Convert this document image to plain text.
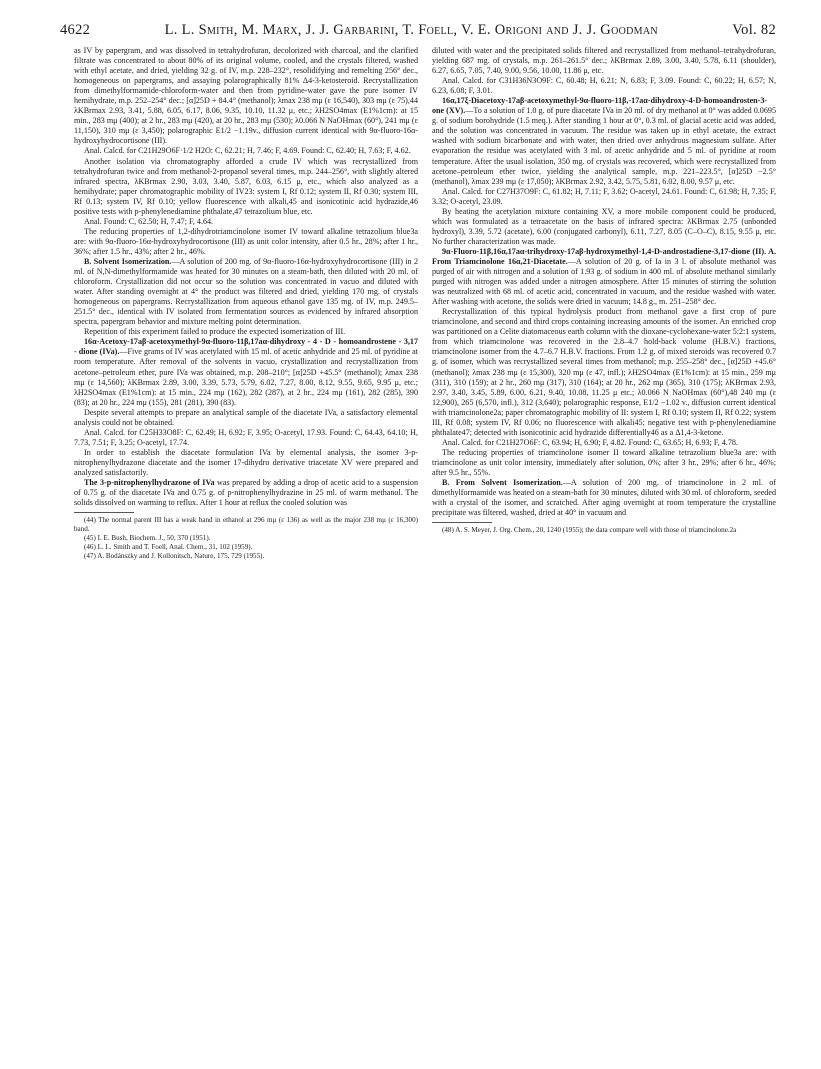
4622	L. L. Smith, M. Marx, J. J. Garbarini, T. Foell, V. E. Origoni and J. J. Goodman	Vol. 82

as IV by papergram, and was dissolved in tetrahydrofuran, decolorized with charcoal, and the clarified filtrate was concentrated to about 80% of its original volume, cooled, and the crystals filtered, washed with ethyl acetate, and dried, yielding 32 g. of IV, m.p. 228–232°, resolidifying and remelting 256° dec., homogeneous on papergrams, and assaying polarographically 81% Δ4-3-ketosteroid. Recrystallization from dimethylformamide-chloroform-water and then from pyridine-water gave the pure isomer IV hemihydrate, m.p. 252–254° dec.; [α]25D + 84.4° (methanol); λmax 238 mμ (ε 16,540), 303 mμ (ε 75),44 λKBrmax 2.93, 3.41, 5.88, 6.05, 6.17, 8.06, 9.35, 10.10, 11.32 μ, etc.; λH2SO4max (E1%1cm): at 15 min., 283 mμ (400); at 2 hr., 283 mμ (420), at 20 hr., 283 mμ (530); λ0.066 N NaOHmax (60°), 241 mμ (ε 11,150), 310 mμ (ε 3,450); polarographic E1/2 −1.19v., diffusion current identical with 9α-fluoro-16α-hydroxyhydrocortisone (III).

Anal. Calcd. for C21H29O6F·1/2 H2O: C, 62.21; H, 7.46; F, 4.69. Found: C, 62.40; H, 7.63; F, 4.62.

Another isolation via chromatography afforded a crude IV which was recrystallized from tetrahydrofuran twice and from methanol-2-propanol several times, m.p. 244–256°, with slightly altered infrared spectra, λKBrmax 2.90, 3.03, 3.40, 5.87, 6.03, 6.15 μ, etc., which also analyzed as a hemihydrate; paper chromatographic mobility of IV23: system I, Rf 0.12; system II, Rf 0.30; system III, Rf 0.13; system IV, Rf 0.10; yellow fluorescence with alkali,45 and isonicotinic acid hydrazide,46 positive tests with p-phenylenediamine phthalate,47 tetrazolium blue, etc.

Anal. Found: C, 62.50; H, 7.47; F, 4.64.

The reducing properties of 1,2-dihydrotriamcinolone isomer IV toward alkaline tetrazolium blue3a are: with 9α-fluoro-16α-hydroxyhydrocortisone (III) as unit color intensity, after 0.5 hr., 28%; after 1 hr., 36%; after 1.5 hr., 43%; after 2 hr., 46%.

B. Solvent Isomerization.—A solution of 200 mg. of 9α-fluoro-16α-hydroxyhydrocortisone (III) in 2 ml. of N,N-dimethylformamide was heated for 30 minutes on a steam-bath, then diluted with 20 ml. of chloroform. Crystallization did not occur so the solution was concentrated in vacuo and diluted with water. After standing overnight at 4° the product was filtered and dried, yielding 170 mg. of crystals homogeneous on papergrams. Recrystallization from aqueous ethanol gave 135 mg. of IV, m.p. 249.5–251.5° dec., identical with IV isolated from fermentation sources as evidenced by infrared absorption spectra, papergram behavior and mixture melting point determination.

Repetition of this experiment failed to produce the expected isomerization of III.

16α-Acetoxy-17aβ-acetoxymethyl-9α-fluoro-11β,17aα-dihydroxy - 4 - D - homoandrostene - 3,17 - dione (IVa).—Five grams of IV was acetylated with 15 ml. of acetic anhydride and 25 ml. of pyridine at room temperature. After removal of the solvents in vacuo, crystallization and recrystallization from acetone–petroleum ether, pure IVa was obtained, m.p. 208–210°; [α]25D +45.5° (methanol); λmax 238 mμ (ε 14,560); λKBrmax 2.89, 3.00, 3.39, 5.73, 5.79, 6.02, 7.27, 8.00, 8.12, 9.55, 9.65, 9.95 μ, etc.; λH2SO4max (E1%1cm): at 15 min., 224 mμ (162), 282 (287), at 2 hr., 224 mμ (161), 282 (285), 390 (83); at 20 hr., 224 mμ (155), 281 (281), 390 (83).

Despite several attempts to prepare an analytical sample of the diacetate IVa, a satisfactory elemental analysis could not be obtained.

Anal. Calcd. for C25H33O8F: C, 62.49; H, 6.92; F, 3.95; O-acetyl, 17.93. Found: C, 64.43, 64.10; H, 7.73, 7.51; F, 3.25; O-acetyl, 17.74.

In order to establish the diacetate formulation IVa by elemental analysis, the isomer 3-p-nitrophenylhydrazone diacetate and the isomer 17-dihydro derivative triacetate XV were prepared and analyzed satisfactorily.

The 3-p-nitrophenylhydrazone of IVa was prepared by adding a drop of acetic acid to a suspension of 0.75 g. of the diacetate IVa and 0.75 g. of p-nitrophenylhydrazine in 25 ml. of warm methanol. The solids dissolved on warming to reflux. After 1 hour at reflux the cooled solution was

(44) The normal parent III has a weak band in ethanol at 296 mμ (ε 136) as well as the major 238 mμ (ε 16,300) band.

(45) I. E. Bush, Biochem. J., 50, 370 (1951).

(46) L. L. Smith and T. Foell, Anal. Chem., 31, 102 (1959).

(47) A. Bodánszky and J. Kollonitsch, Nature, 175, 729 (1955).

diluted with water and the precipitated solids filtered and recrystallized from methanol–tetrahydrofuran, yielding 687 mg. of crystals, m.p. 261–261.5° dec.; λKBrmax 2.89, 3.00, 3.40, 5.78, 6.11 (shoulder), 6.27, 6.65, 7.05, 7.40, 9.00, 9.56, 10.00, 11.86 μ, etc.

Anal. Calcd. for C31H36N3O9F: C, 60.48; H, 6.21; N, 6.83; F, 3.09. Found: C, 60.22; H, 6.57; N, 6.23, 6.08; F, 3.01.

16α,17ξ-Diacetoxy-17aβ-acetoxymethyl-9α-fluoro-11β,-17aα-dihydroxy-4-D-homoandrosten-3-one (XV).—To a solution of 1.0 g. of pure diacetate IVa in 20 ml. of dry methanol at 0° was added 0.0695 g. of sodium borohydride (1.5 meq.). After standing 1 hour at 0°, 0.3 ml. of glacial acetic acid was added, and the solution was concentrated in vacuum. The residue was taken up in ethyl acetate, the extract washed with sodium bicarbonate and with water, then dried over anhydrous magnesium sulfate. After evaporation the residue was acetylated with 3 ml. of acetic anhydride and 5 ml. of pyridine at room temperature. After the usual isolation, 350 mg. of crystals was recovered, which were recrystallized from acetone–petroleum ether twice, yielding the analytical sample, m.p. 221–223.5°, [α]25D −2.5° (methanol), λmax 239 mμ (ε 17,050); λKBrmax 2.92, 3.42, 5.75, 5.81, 6.02, 8.00, 9.57 μ, etc.

Anal. Calcd. for C27H37O9F: C, 61.82; H, 7.11; F, 3.62; O-acetyl, 24.61. Found: C, 61.98; H, 7.35; F, 3.32; O-acetyl, 23.09.

By heating the acetylation mixture containing XV, a more mobile component could be produced, which was formulated as a tetraacetate on the basis of infrared spectra: λKBrmax 2.75 (unbonded hydroxyl), 3.39, 5.72 (acetate), 6.00 (conjugated carbonyl), 6.11, 7.27, 8.05 (C–O–C), 8.15, 9.55 μ, etc. No further characterization was made.

9α-Fluoro-11β,16α,17aα-trihydroxy-17aβ-hydroxymethyl-1,4-D-androstadiene-3,17-dione (II). A. From Triamcinolone 16α,21-Diacetate.—A solution of 20 g. of Ia in 3 l. of absolute methanol was purged of air with nitrogen and a solution of 1.93 g. of sodium in 400 ml. of absolute methanol similarly purged with nitrogen was added under a nitrogen atmosphere. After 15 minutes of stirring the solution was neutralized with 68 ml. of acetic acid, concentrated in vacuum, and the residue washed with water. After washing with acetone, the solids were dried in vacuum; 14.8 g., m. 251–258° dec.

Recrystallization of this typical hydrolysis product from methanol gave a first crop of pure triamcinolone, and second and third crops containing increasing amounts of the isomer. An enriched crop was partitioned on a Celite diatomaceous earth column with the dioxane-cyclohexane-water 5:2:1 system, from which triamcinolone was recovered in the 2.8–4.7 hold-back volume (H.B.V.) fractions, triamcinolone isomer from the 4.7–6.7 H.B.V. fractions. From 1.2 g. of mixed steroids was recovered 0.7 g. of isomer, which was recrystallized several times from methanol; m.p. 255–258° dec., [α]25D +45.6° (methanol); λmax 238 mμ (ε 15,300), 320 mμ (ε 47, infl.); λH2SO4max (E1%1cm): at 15 min., 259 mμ (311), 310 (159); at 2 hr., 260 mμ (317), 310 (164); at 20 hr., 262 mμ (365), 310 (175); λKBrmax 2.93, 2.97, 3.40, 3.45, 5.89, 6.00, 6.21, 9.40, 10.08, 11.25 μ etc.; λ0.066 N NaOHmax (60°),48 240 mμ (ε 12,900), 265 (6,570, infl.), 312 (3,640); polarographic response, E1/2 −1.02 v., diffusion current identical with triamcinolone2a; paper chromatographic mobility of II: system I, Rf 0.10; system II, Rf 0.22; system III, Rf 0.08; system IV, Rf 0.06; no fluorescence with alkali45; negative test with p-phenylenediamine phthalate47; detected with isonicotinic acid hydrazide differentially46 as a Δ1,4-3-ketone.

Anal. Calcd. for C21H27O6F: C, 63.94; H, 6.90; F, 4.82. Found: C, 63.65; H, 6.93; F, 4.78.

The reducing properties of triamcinolone isomer II toward alkaline tetrazolium blue3a are: with triamcinolone as unit color intensity, immediately after solution, 0%; after 3 hr., 29%; after 6 hr., 46%; after 9.5 hr., 55%.

B. From Solvent Isomerization.—A solution of 200 mg. of triamcinolone in 2 ml. of dimethylformamide was heated on a steam-bath for 30 minutes, diluted with 30 ml. of chloroform, seeded with a crystal of the isomer, and scratched. After aging overnight at room temperature the crystalline precipitate was filtered, washed, dried at 40° in vacuum and

(48) A. S. Meyer, J. Org. Chem., 20, 1240 (1955); the data compare well with those of triamcinolone.2a
